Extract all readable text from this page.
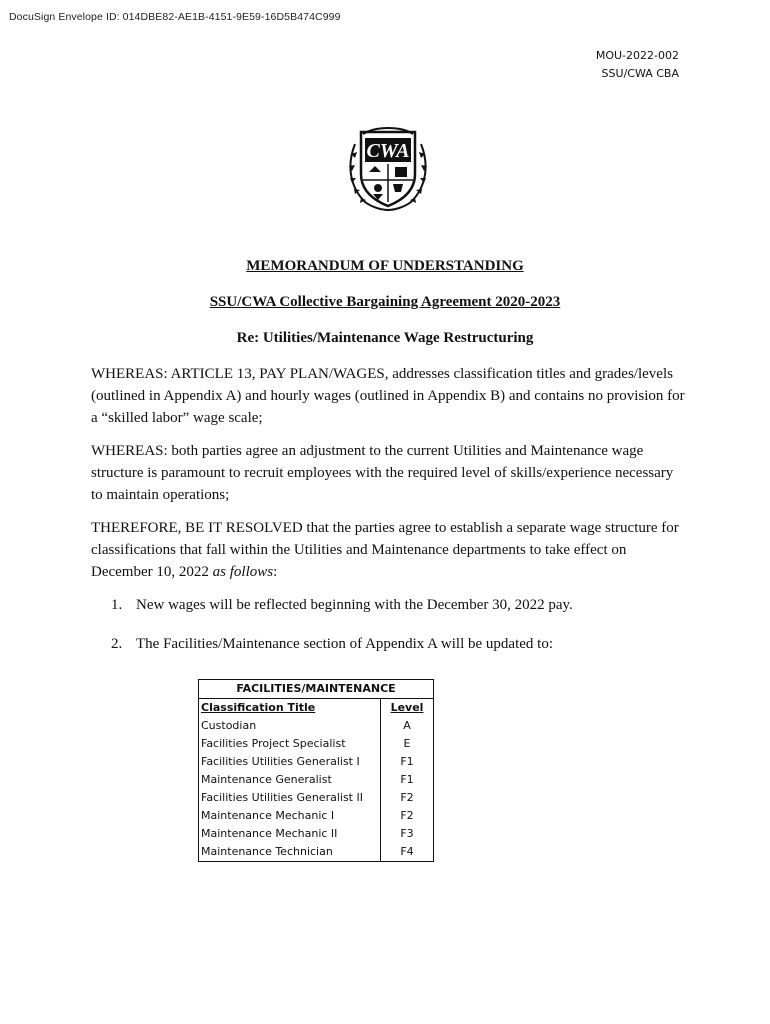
DocuSign Envelope ID: 014DBE82-AE1B-4151-9E59-16D5B474C999
MOU-2022-002
SSU/CWA CBA
CWA
MEMORANDUM OF UNDERSTANDING
SSU/CWA Collective Bargaining Agreement 2020-2023
Re: Utilities/Maintenance Wage Restructuring
WHEREAS: ARTICLE 13, PAY PLAN/WAGES, addresses classification titles and grades/levels (outlined in Appendix A) and hourly wages (outlined in Appendix B) and contains no provision for a “skilled labor” wage scale;
WHEREAS: both parties agree an adjustment to the current Utilities and Maintenance wage structure is paramount to recruit employees with the required level of skills/experience necessary to maintain operations;
THEREFORE, BE IT RESOLVED that the parties agree to establish a separate wage structure for classifications that fall within the Utilities and Maintenance departments to take effect on December 10, 2022 as follows:
1. New wages will be reflected beginning with the December 30, 2022 pay.
2. The Facilities/Maintenance section of Appendix A will be updated to:
FACILITIES/MAINTENANCE	
Classification Title	Level
Custodian	A
Facilities Project Specialist	E
Facilities Utilities Generalist I	F1
Maintenance Generalist	F1
Facilities Utilities Generalist II	F2
Maintenance Mechanic I	F2
Maintenance Mechanic II	F3
Maintenance Technician	F4
